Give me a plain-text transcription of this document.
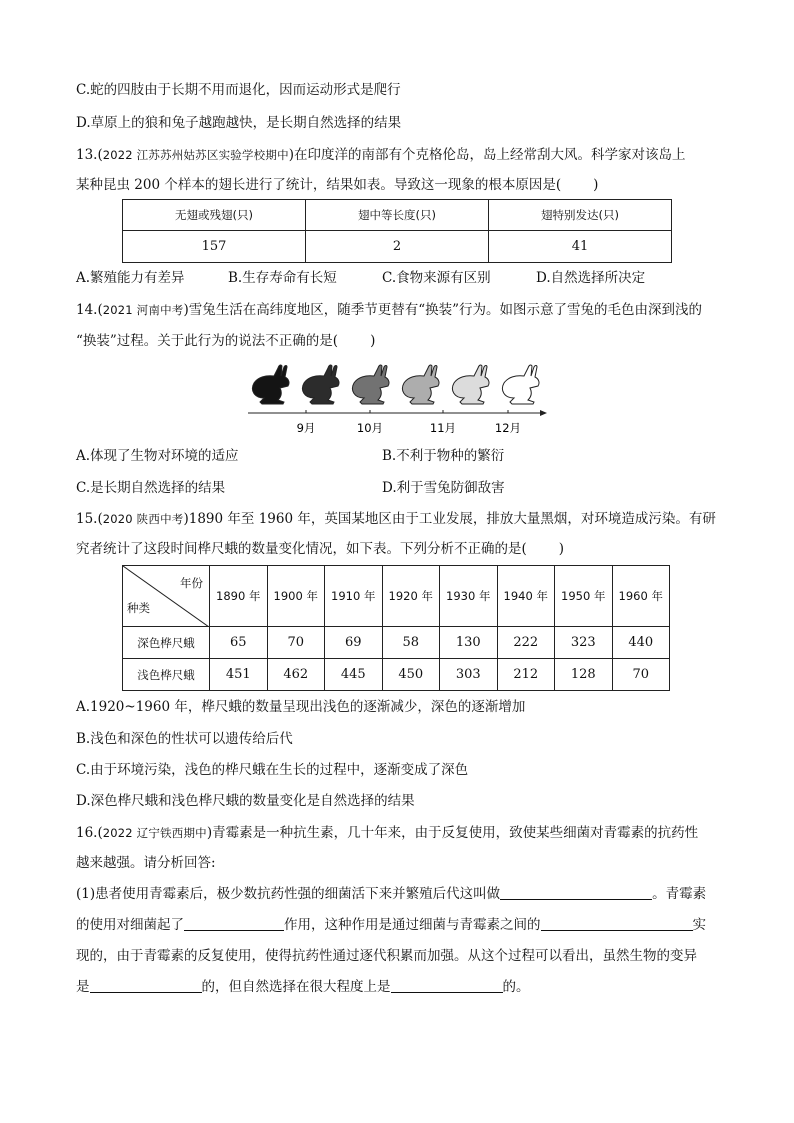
C.蛇的四肢由于长期不用而退化，因而运动形式是爬行
D.草原上的狼和兔子越跑越快，是长期自然选择的结果
13.(2022 江苏苏州姑苏区实验学校期中)在印度洋的南部有个克格伦岛，岛上经常刮大风。科学家对该岛上
某种昆虫 200 个样本的翅长进行了统计，结果如表。导致这一现象的根本原因是( )
无翅或残翅(只)	翅中等长度(只)	翅特别发达(只)
157	2	41
A.繁殖能力有差异	B.生存寿命有长短	C.食物来源有区别	D.自然选择所决定
14.(2021 河南中考)雪兔生活在高纬度地区，随季节更替有“换装”行为。如图示意了雪兔的毛色由深到浅的
“换装”过程。关于此行为的说法不正确的是( )
9月	10月	11月	12月
A.体现了生物对环境的适应	B.不利于物种的繁衍
C.是长期自然选择的结果	D.利于雪兔防御敌害
15.(2020 陕西中考)1890 年至 1960 年，英国某地区由于工业发展，排放大量黑烟，对环境造成污染。有研
究者统计了这段时间桦尺蛾的数量变化情况，如下表。下列分析不正确的是( )
年份
种类	1890 年	1900 年	1910 年	1920 年	1930 年	1940 年	1950 年	1960 年
深色桦尺蛾	65	70	69	58	130	222	323	440
浅色桦尺蛾	451	462	445	450	303	212	128	70
A.1920~1960 年，桦尺蛾的数量呈现出浅色的逐渐减少，深色的逐渐增加
B.浅色和深色的性状可以遗传给后代
C.由于环境污染，浅色的桦尺蛾在生长的过程中，逐渐变成了深色
D.深色桦尺蛾和浅色桦尺蛾的数量变化是自然选择的结果
16.(2022 辽宁铁西期中)青霉素是一种抗生素，几十年来，由于反复使用，致使某些细菌对青霉素的抗药性
越来越强。请分析回答:
(1)患者使用青霉素后，极少数抗药性强的细菌活下来并繁殖后代这叫做	。青霉素
的使用对细菌起了	作用，这种作用是通过细菌与青霉素之间的	实
现的，由于青霉素的反复使用，使得抗药性通过逐代积累而加强。从这个过程可以看出，虽然生物的变异
是	的，但自然选择在很大程度上是	的。
